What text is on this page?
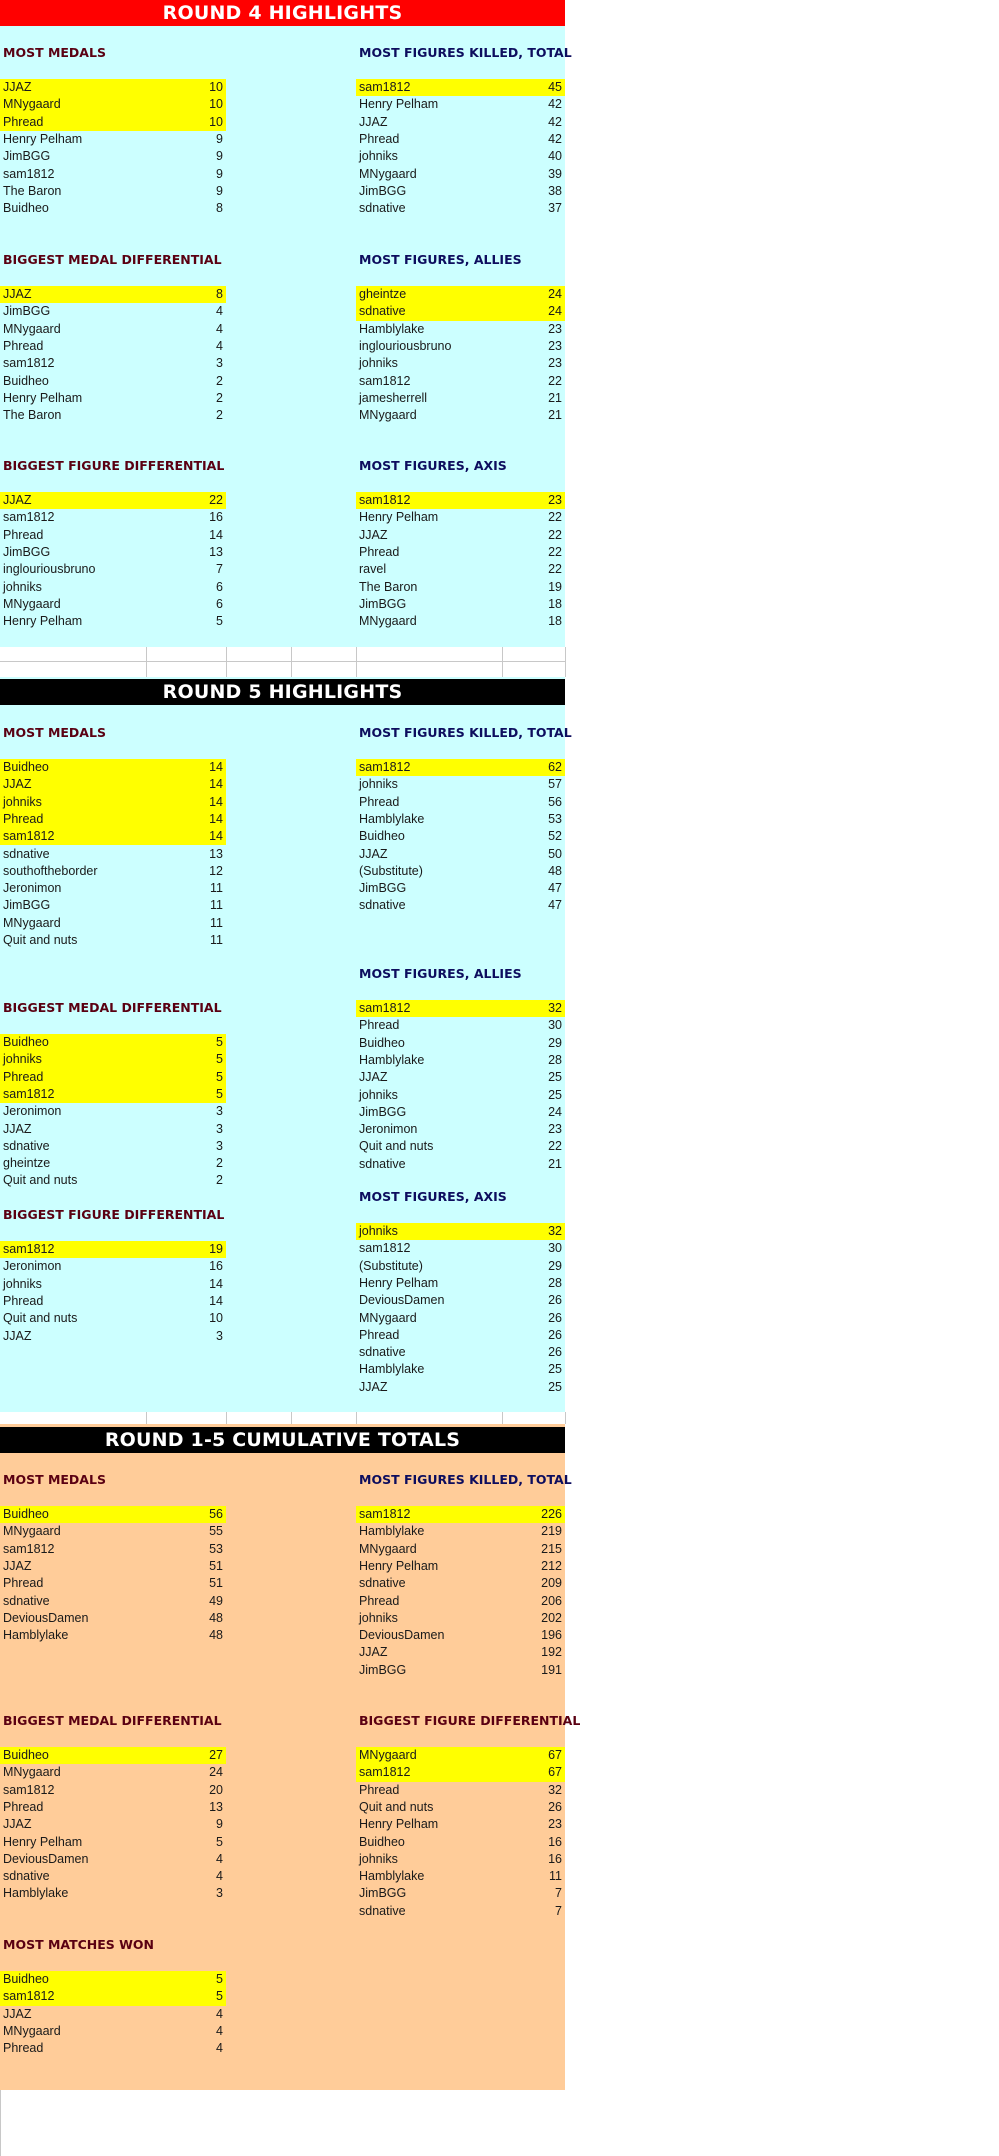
ROUND 4 HIGHLIGHTS
MOST MEDALS
JJAZ	10
MNygaard	10
Phread	10
Henry Pelham	9
JimBGG	9
sam1812	9
The Baron	9
Buidheo	8
MOST FIGURES KILLED, TOTAL
sam1812	45
Henry Pelham	42
JJAZ	42
Phread	42
johniks	40
MNygaard	39
JimBGG	38
sdnative	37
BIGGEST MEDAL DIFFERENTIAL
JJAZ	8
JimBGG	4
MNygaard	4
Phread	4
sam1812	3
Buidheo	2
Henry Pelham	2
The Baron	2
MOST FIGURES, ALLIES
gheintze	24
sdnative	24
Hamblylake	23
inglouriousbruno	23
johniks	23
sam1812	22
jamesherrell	21
MNygaard	21
BIGGEST FIGURE DIFFERENTIAL
JJAZ	22
sam1812	16
Phread	14
JimBGG	13
inglouriousbruno	7
johniks	6
MNygaard	6
Henry Pelham	5
MOST FIGURES, AXIS
sam1812	23
Henry Pelham	22
JJAZ	22
Phread	22
ravel	22
The Baron	19
JimBGG	18
MNygaard	18
ROUND 5 HIGHLIGHTS
MOST MEDALS
Buidheo	14
JJAZ	14
johniks	14
Phread	14
sam1812	14
sdnative	13
southoftheborder	12
Jeronimon	11
JimBGG	11
MNygaard	11
Quit and nuts	11
MOST FIGURES KILLED, TOTAL
sam1812	62
johniks	57
Phread	56
Hamblylake	53
Buidheo	52
JJAZ	50
(Substitute)	48
JimBGG	47
sdnative	47
MOST FIGURES, ALLIES
sam1812	32
Phread	30
Buidheo	29
Hamblylake	28
JJAZ	25
johniks	25
JimBGG	24
Jeronimon	23
Quit and nuts	22
sdnative	21
BIGGEST MEDAL DIFFERENTIAL
Buidheo	5
johniks	5
Phread	5
sam1812	5
Jeronimon	3
JJAZ	3
sdnative	3
gheintze	2
Quit and nuts	2
MOST FIGURES, AXIS
johniks	32
sam1812	30
(Substitute)	29
Henry Pelham	28
DeviousDamen	26
MNygaard	26
Phread	26
sdnative	26
Hamblylake	25
JJAZ	25
BIGGEST FIGURE DIFFERENTIAL
sam1812	19
Jeronimon	16
johniks	14
Phread	14
Quit and nuts	10
JJAZ	3
ROUND 1-5 CUMULATIVE TOTALS
MOST MEDALS
Buidheo	56
MNygaard	55
sam1812	53
JJAZ	51
Phread	51
sdnative	49
DeviousDamen	48
Hamblylake	48
MOST FIGURES KILLED, TOTAL
sam1812	226
Hamblylake	219
MNygaard	215
Henry Pelham	212
sdnative	209
Phread	206
johniks	202
DeviousDamen	196
JJAZ	192
JimBGG	191
BIGGEST MEDAL DIFFERENTIAL
Buidheo	27
MNygaard	24
sam1812	20
Phread	13
JJAZ	9
Henry Pelham	5
DeviousDamen	4
sdnative	4
Hamblylake	3
BIGGEST FIGURE DIFFERENTIAL
MNygaard	67
sam1812	67
Phread	32
Quit and nuts	26
Henry Pelham	23
Buidheo	16
johniks	16
Hamblylake	11
JimBGG	7
sdnative	7
MOST MATCHES WON
Buidheo	5
sam1812	5
JJAZ	4
MNygaard	4
Phread	4
